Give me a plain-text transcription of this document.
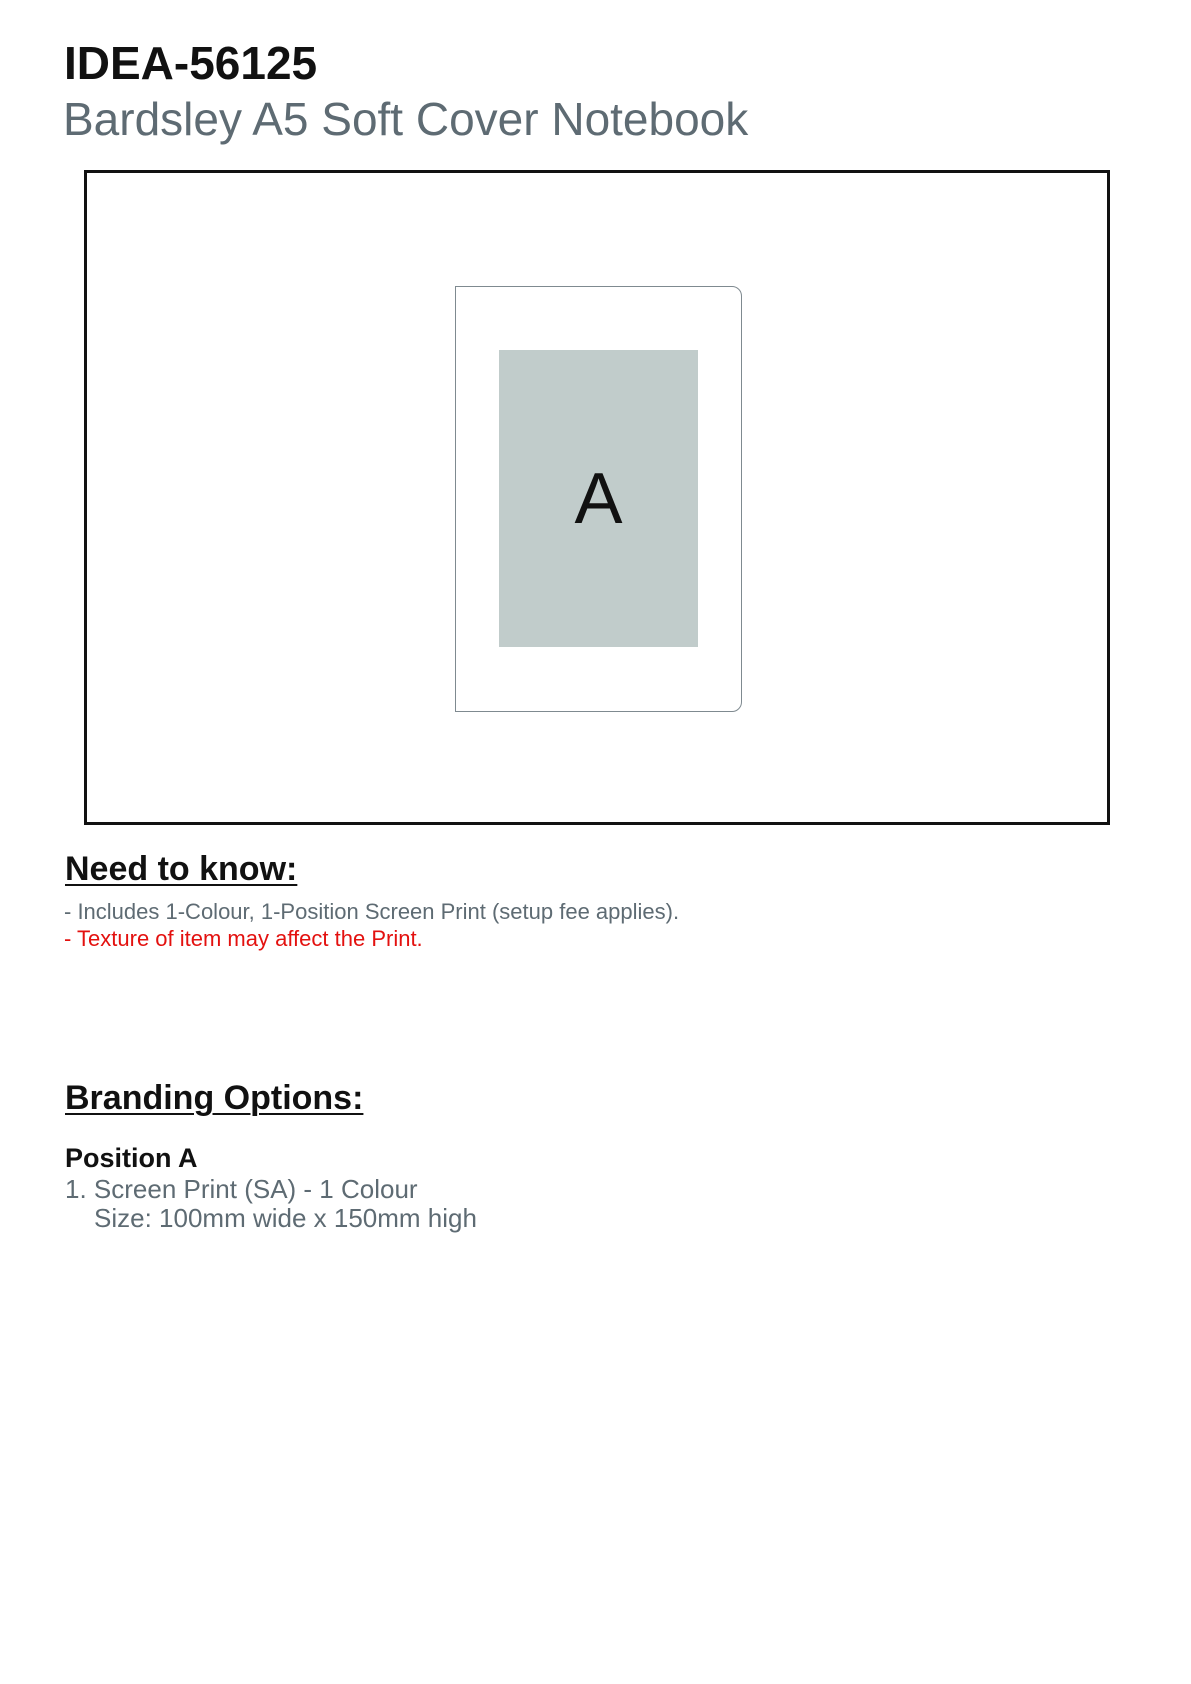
IDEA-56125
Bardsley A5 Soft Cover Notebook
A
Need to know:

- Includes 1-Colour, 1-Position Screen Print (setup fee applies).

- Texture of item may affect the Print.

Branding Options:

Position A

1. Screen Print (SA) - 1 Colour

Size: 100mm wide x 150mm high
